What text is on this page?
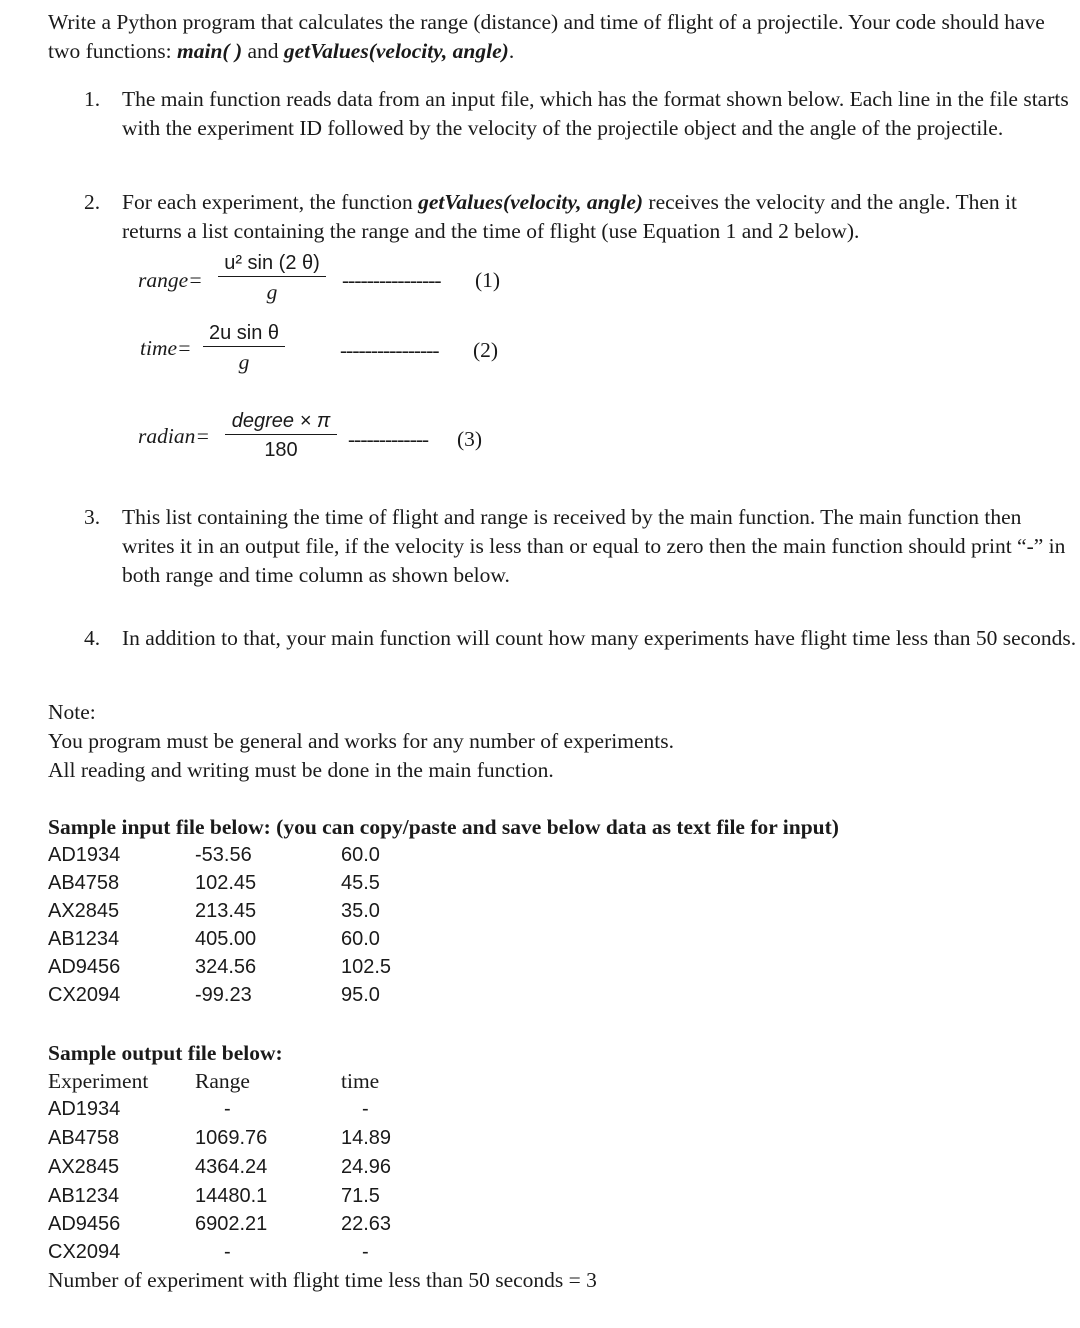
Write a Python program that calculates the range (distance) and time of flight of a projectile. Your code should have two functions: main( ) and getValues(velocity, angle).
1.	The main function reads data from an input file, which has the format shown below. Each line in the file starts with the experiment ID followed by the velocity of the projectile object and the angle of the projectile.
2.	For each experiment, the function getValues(velocity, angle) receives the velocity and the angle. Then it returns a list containing the range and the time of flight (use Equation 1 and 2 below).
range= $\frac{\text{u² sin (2 θ)}}{g}$ ---------------- (1)
time= $\frac{\text{2u sin θ}}{g}$	---------------- (2)
radian=
degree × π
180	------------- (3)
3.	This list containing the time of flight and range is received by the main function. The main function then writes it in an output file, if the velocity is less than or equal to zero then the main function should print “-” in both range and time column as shown below.
4.	In addition to that, your main function will count how many experiments have flight time less than 50 seconds.
Note:
You program must be general and works for any number of experiments.
All reading and writing must be done in the main function.
Sample input file below: (you can copy/paste and save below data as text file for input)
AD1934	-53.56	60.0
AB4758	102.45	45.5
AX2845	213.45	35.0
AB1234	405.00	60.0
AD9456	324.56	102.5
CX2094	-99.23	95.0
Sample output file below:
Experiment Range	time
AD1934	-	-
AB4758	1069.76	14.89
AX2845	4364.24	24.96
AB1234	14480.1	71.5
AD9456	6902.21	22.63
CX2094	-	-
Number of experiment with flight time less than 50 seconds = 3
